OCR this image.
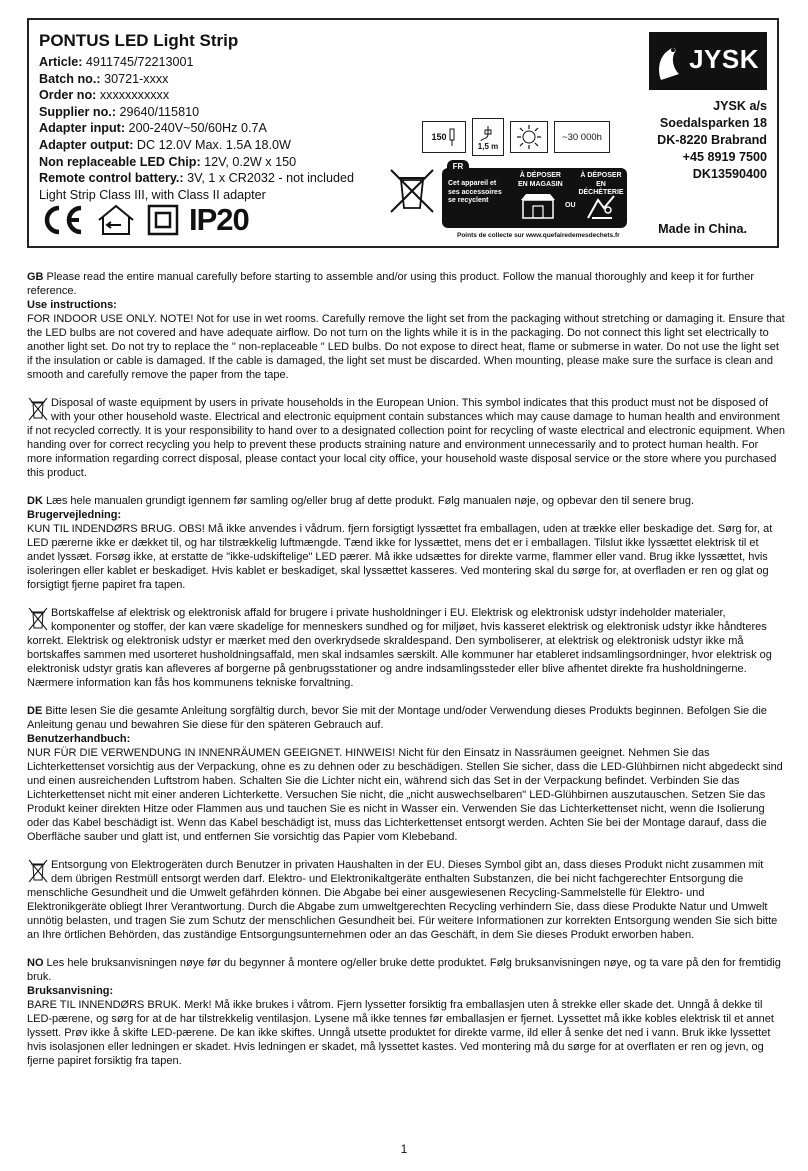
PONTUS LED Light Strip
Article: 4911745/72213001
Batch no.: 30721-xxxx
Order no: xxxxxxxxxxx
Supplier no.: 29640/115810
Adapter input: 200-240V~50/60Hz 0.7A
Adapter output: DC 12.0V Max. 1.5A 18.0W
Non replaceable LED Chip: 12V, 0.2W x 150
Remote control battery.: 3V, 1 x CR2032 - not included
Light Strip Class III, with Class II adapter
IP20
JYSK
JYSK a/s
Soedalsparken 18
DK-8220 Brabrand
+45 8919 7500
DK13590400
Made in China.
150
1,5 m
~30 000h
FR
Cet appareil et
ses accessoires
se recyclent
À DÉPOSER
EN MAGASIN
OU
À DÉPOSER
EN DÉCHÈTERIE
Points de collecte sur www.quefairedemesdechets.fr

GB Please read the entire manual carefully before starting to assemble and/or using this product. Follow the manual thoroughly and keep it for further reference.

Use instructions:

FOR INDOOR USE ONLY. NOTE! Not for use in wet rooms. Carefully remove the light set from the packaging without stretching or damaging it. Ensure that the LED bulbs are not covered and have adequate airflow. Do not turn on the lights while it is in the packaging. Do not connect this light set electrically to another light set. Do not try to replace the " non-replaceable " LED bulbs. Do not expose to direct heat, flame or submerse in water. Do not use the light set if the insulation or cable is damaged. If the cable is damaged, the light set must be discarded. When mounting, please make sure the surface is clean and smooth and carefully remove the paper from the tape.

Disposal of waste equipment by users in private households in the European Union. This symbol indicates that this product must not be disposed of with your other household waste. Electrical and electronic equipment contain substances which may cause damage to human health and environment if not recycled correctly. It is your responsibility to hand over to a designated collection point for recycling of waste electrical and electronic equipment. When handing over for correct recycling you help to prevent these products straining nature and environment unnecessarily and to protect human health. For more information regarding correct disposal, please contact your local city office, your household waste disposal service or the store where you purchased this product.

DK Læs hele manualen grundigt igennem før samling og/eller brug af dette produkt. Følg manualen nøje, og opbevar den til senere brug.

Brugervejledning:

KUN TIL INDENDØRS BRUG. OBS! Må ikke anvendes i vådrum. fjern forsigtigt lyssættet fra emballagen, uden at trække eller beskadige det. Sørg for, at LED pærerne ikke er dækket til, og har tilstrækkelig luftmængde. Tænd ikke for lyssættet, mens det er i emballagen. Tilslut ikke lyssættet elektrisk til et andet lyssæt. Forsøg ikke, at erstatte de "ikke-udskiftelige" LED pærer. Må ikke udsættes for direkte varme, flammer eller vand. Brug ikke lyssættet, hvis isoleringen eller kablet er beskadiget. Hvis kablet er beskadiget, skal lyssættet kasseres. Ved montering skal du sørge for, at overfladen er ren og glat og forsigtigt fjerne papiret fra tapen.

Bortskaffelse af elektrisk og elektronisk affald for brugere i private husholdninger i EU. Elektrisk og elektronisk udstyr indeholder materialer, komponenter og stoffer, der kan være skadelige for menneskers sundhed og for miljøet, hvis kasseret elektrisk og elektronisk udstyr ikke håndteres korrekt. Elektrisk og elektronisk udstyr er mærket med den overkrydsede skraldespand. Den symboliserer, at elektrisk og elektronisk udstyr ikke må bortskaffes sammen med usorteret husholdningsaffald, men skal indsamles særskilt. Alle kommuner har etableret indsamlingsordninger, hvor elektrisk og elektronisk udstyr gratis kan afleveres af borgerne på genbrugsstationer og andre indsamlingssteder eller blive afhentet direkte fra husholdningerne. Nærmere information kan fås hos kommunens tekniske forvaltning.

DE Bitte lesen Sie die gesamte Anleitung sorgfältig durch, bevor Sie mit der Montage und/oder Verwendung dieses Produkts beginnen. Befolgen Sie die Anleitung genau und bewahren Sie diese für den späteren Gebrauch auf.

Benutzerhandbuch:

NUR FÜR DIE VERWENDUNG IN INNENRÄUMEN GEEIGNET. HINWEIS! Nicht für den Einsatz in Nassräumen geeignet. Nehmen Sie das Lichterkettenset vorsichtig aus der Verpackung, ohne es zu dehnen oder zu beschädigen. Stellen Sie sicher, dass die LED-Glühbirnen nicht abgedeckt sind und einen ausreichenden Luftstrom haben. Schalten Sie die Lichter nicht ein, während sich das Set in der Verpackung befindet. Verbinden Sie das Lichterkettenset nicht mit einer anderen Lichterkette. Versuchen Sie nicht, die „nicht auswechselbaren" LED-Glühbirnen auszutauschen. Setzen Sie das Produkt keiner direkten Hitze oder Flammen aus und tauchen Sie es nicht in Wasser ein. Verwenden Sie das Lichterkettenset nicht, wenn die Isolierung oder das Kabel beschädigt ist. Wenn das Kabel beschädigt ist, muss das Lichterkettenset entsorgt werden. Achten Sie bei der Montage darauf, dass die Oberfläche sauber und glatt ist, und entfernen Sie vorsichtig das Papier vom Klebeband.

Entsorgung von Elektrogeräten durch Benutzer in privaten Haushalten in der EU. Dieses Symbol gibt an, dass dieses Produkt nicht zusammen mit dem übrigen Restmüll entsorgt werden darf. Elektro- und Elektronikaltgeräte enthalten Substanzen, die bei nicht fachgerechter Entsorgung die menschliche Gesundheit und die Umwelt gefährden können. Die Abgabe bei einer ausgewiesenen Recycling-Sammelstelle für Elektro- und Elektronikgeräte obliegt Ihrer Verantwortung. Durch die Abgabe zum umweltgerechten Recycling verhindern Sie, dass diese Produkte Natur und Umwelt unnötig belasten, und tragen Sie zum Schutz der menschlichen Gesundheit bei. Für weitere Informationen zur korrekten Entsorgung wenden Sie sich bitte an Ihre örtlichen Behörden, das zuständige Entsorgungsunternehmen oder an das Geschäft, in dem Sie dieses Produkt erworben haben.

NO Les hele bruksanvisningen nøye før du begynner å montere og/eller bruke dette produktet. Følg bruksanvisningen nøye, og ta vare på den for fremtidig bruk.

Bruksanvisning:

BARE TIL INNENDØRS BRUK. Merk! Må ikke brukes i våtrom. Fjern lyssetter forsiktig fra emballasjen uten å strekke eller skade det. Unngå å dekke til LED-pærene, og sørg for at de har tilstrekkelig ventilasjon. Lysene må ikke tennes før emballasjen er fjernet. Lyssettet må ikke kobles elektrisk til et annet lyssett. Prøv ikke å skifte LED-pærene. De kan ikke skiftes. Unngå utsette produktet for direkte varme, ild eller å senke det ned i vann. Bruk ikke lyssettet hvis isolasjonen eller ledningen er skadet. Hvis ledningen er skadet, må lyssettet kastes. Ved montering må du sørge for at overflaten er ren og jevn, og fjerne papiret forsiktig fra tapen.

1
